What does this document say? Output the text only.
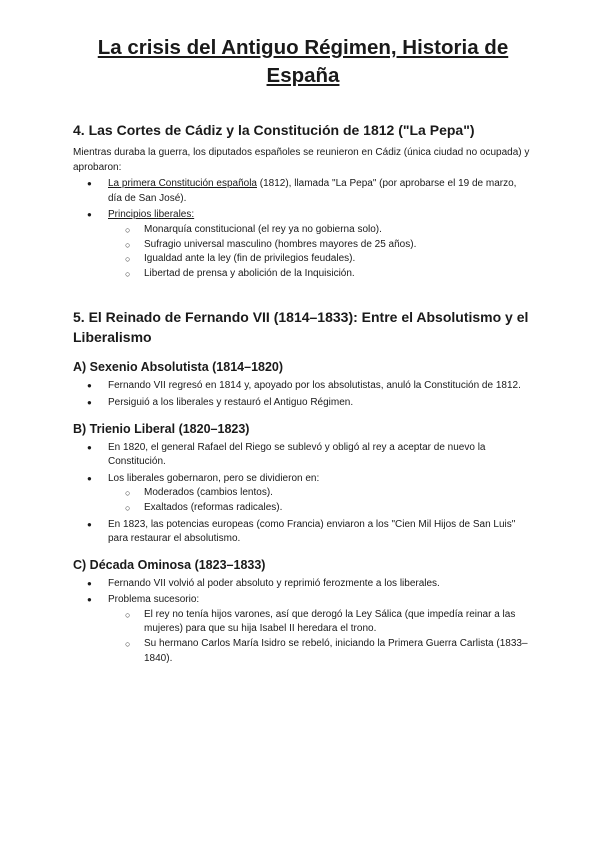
La crisis del Antiguo Régimen, Historia de España
4. Las Cortes de Cádiz y la Constitución de 1812 ("La Pepa")

Mientras duraba la guerra, los diputados españoles se reunieron en Cádiz (única ciudad no ocupada) y aprobaron:

● La primera Constitución española (1812), llamada "La Pepa" (por aprobarse el 19 de marzo, día de San José).
● Principios liberales:
○ Monarquía constitucional (el rey ya no gobierna solo).
○ Sufragio universal masculino (hombres mayores de 25 años).
○ Igualdad ante la ley (fin de privilegios feudales).
○ Libertad de prensa y abolición de la Inquisición.
5. El Reinado de Fernando VII (1814–1833): Entre el Absolutismo y el Liberalismo
A) Sexenio Absolutista (1814–1820)
● Fernando VII regresó en 1814 y, apoyado por los absolutistas, anuló la Constitución de 1812.
● Persiguió a los liberales y restauró el Antiguo Régimen.
B) Trienio Liberal (1820–1823)
● En 1820, el general Rafael del Riego se sublevó y obligó al rey a aceptar de nuevo la Constitución.
● Los liberales gobernaron, pero se dividieron en:
○ Moderados (cambios lentos).
○ Exaltados (reformas radicales).
● En 1823, las potencias europeas (como Francia) enviaron a los "Cien Mil Hijos de San Luis" para restaurar el absolutismo.
C) Década Ominosa (1823–1833)
● Fernando VII volvió al poder absoluto y reprimió ferozmente a los liberales.
● Problema sucesorio:
○ El rey no tenía hijos varones, así que derogó la Ley Sálica (que impedía reinar a las mujeres) para que su hija Isabel II heredara el trono.
○ Su hermano Carlos María Isidro se rebeló, iniciando la Primera Guerra Carlista (1833–1840).
